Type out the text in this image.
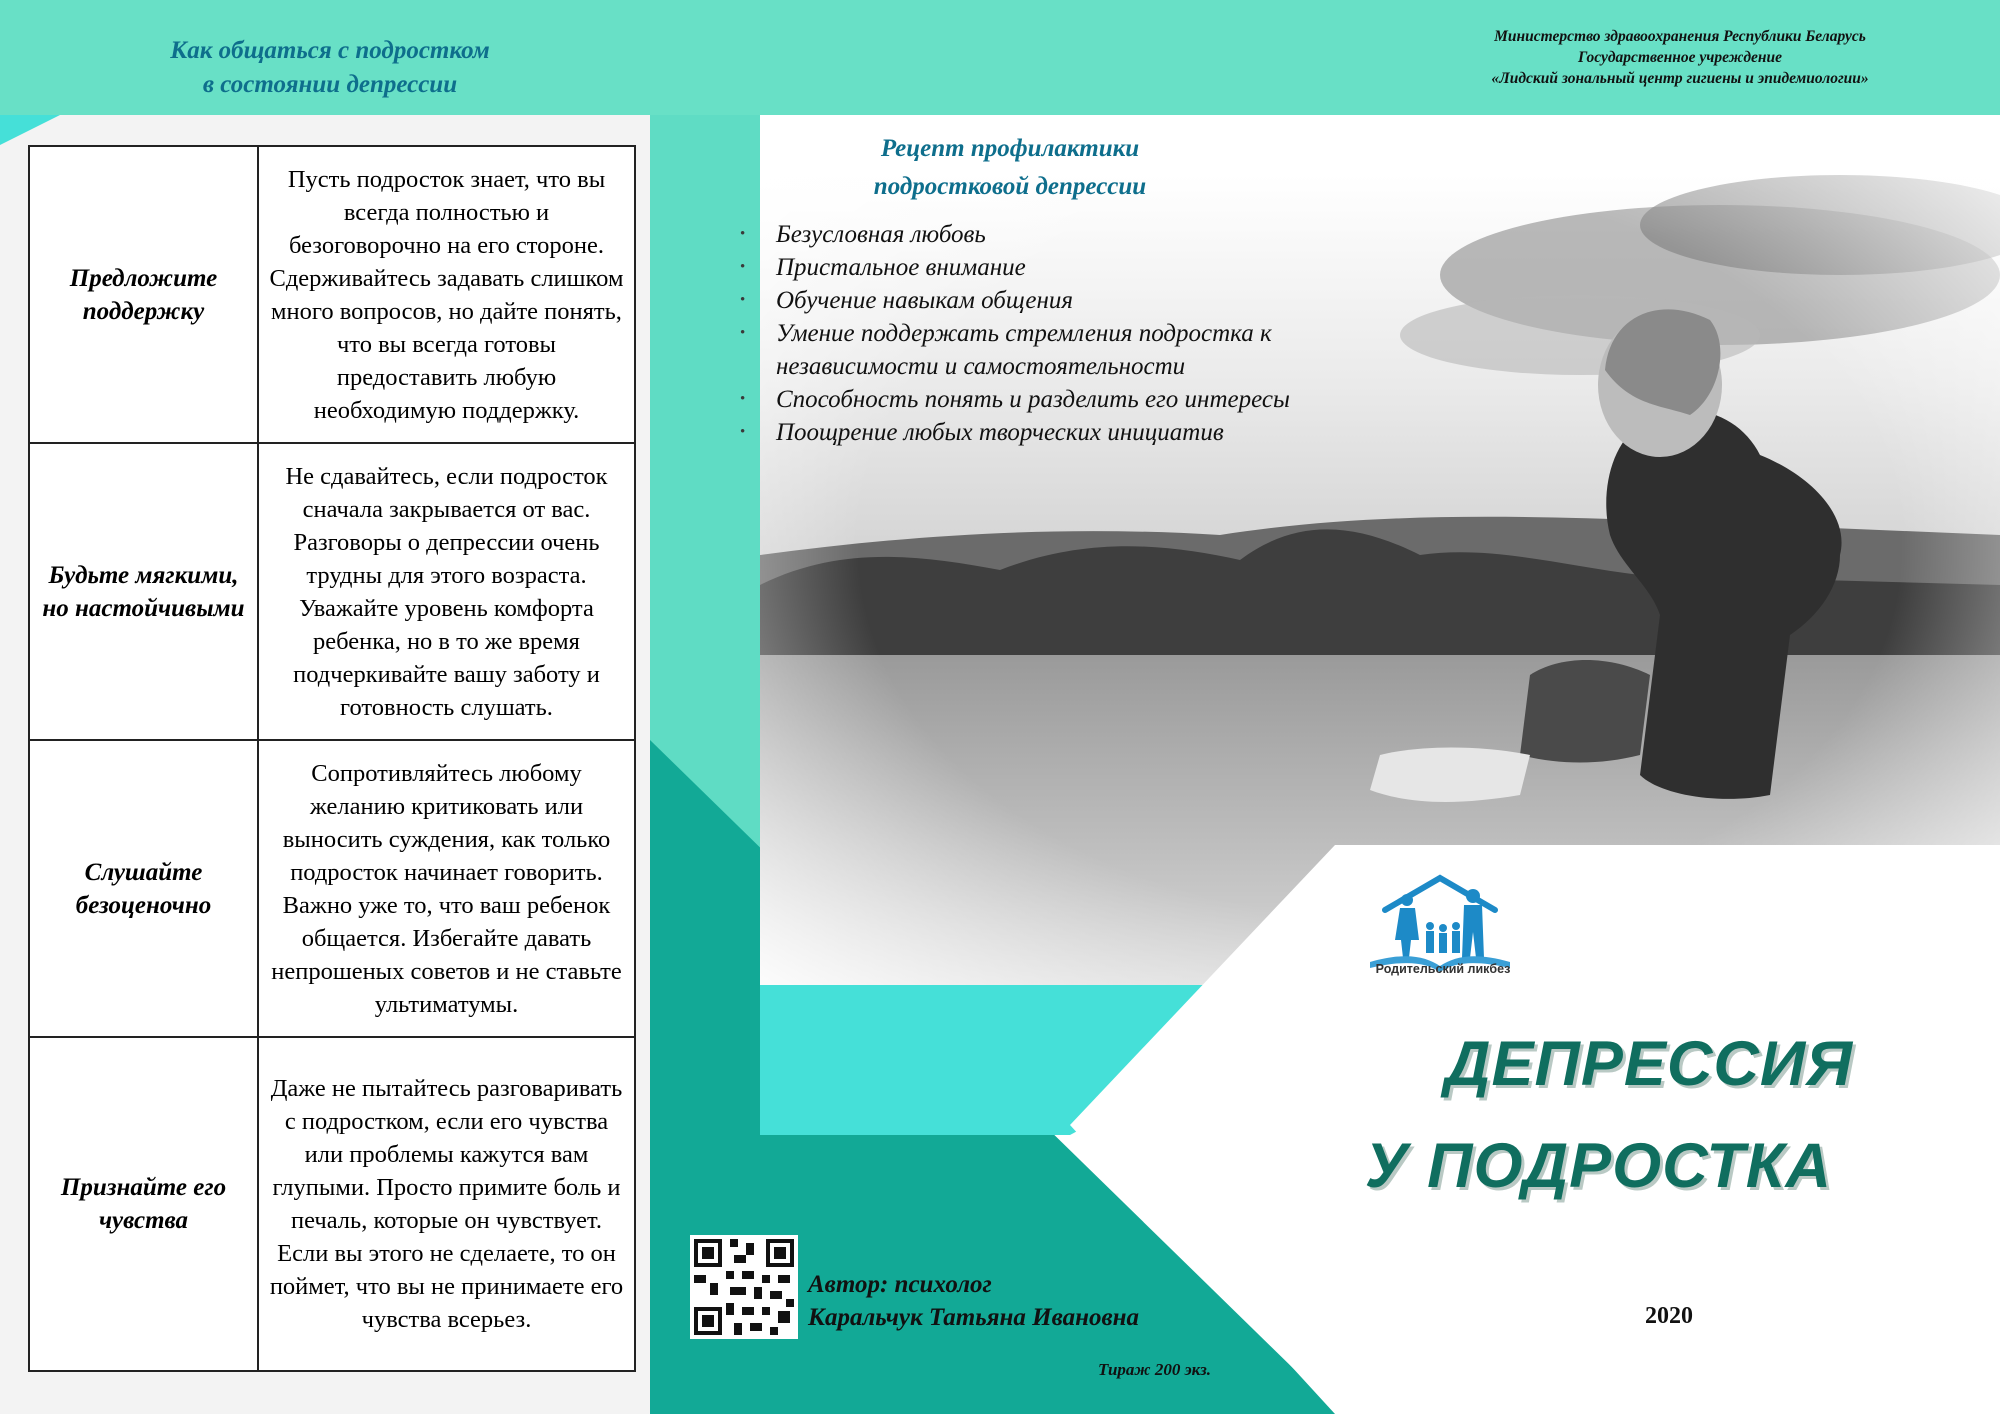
Как общаться с подростком
в состоянии депрессии
Министерство здравоохранения Республики Беларусь
Государственное учреждение
«Лидский зональный центр гигиены и эпидемиологии»
Предложите поддержку	Пусть подросток знает, что вы всегда полностью и безоговорочно на его стороне. Сдерживайтесь задавать слишком много вопросов, но дайте понять, что вы всегда готовы предоставить любую необходимую поддержку.
Будьте мягкими, но настойчивыми	Не сдавайтесь, если подросток сначала закрывается от вас. Разговоры о депрессии очень трудны для этого возраста. Уважайте уровень комфорта ребенка, но в то же время подчеркивайте вашу заботу и готовность слушать.
Слушайте безоценочно	Сопротивляйтесь любому желанию критиковать или выносить суждения, как только подросток начинает говорить. Важно уже то, что ваш ребенок общается. Избегайте давать непрошеных советов и не ставьте ультиматумы.
Признайте его чувства	Даже не пытайтесь разговаривать с подростком, если его чувства или проблемы кажутся вам глупыми. Просто примите боль и печаль, которые он чувствует. Если вы этого не сделаете, то он поймет, что вы не принимаете его чувства всерьез.
Рецепт профилактики
подростковой депрессии
• Безусловная любовь
• Пристальное внимание
• Обучение навыкам общения
• Умение поддержать стремления подростка к независимости и самостоятельности
• Способность понять и разделить его интересы
• Поощрение любых творческих инициатив
Родительский ликбез
ДЕПРЕССИЯ
У ПОДРОСТКА
2020
Автор: психолог
Каральчук Татьяна Ивановна
Тираж 200 экз.
